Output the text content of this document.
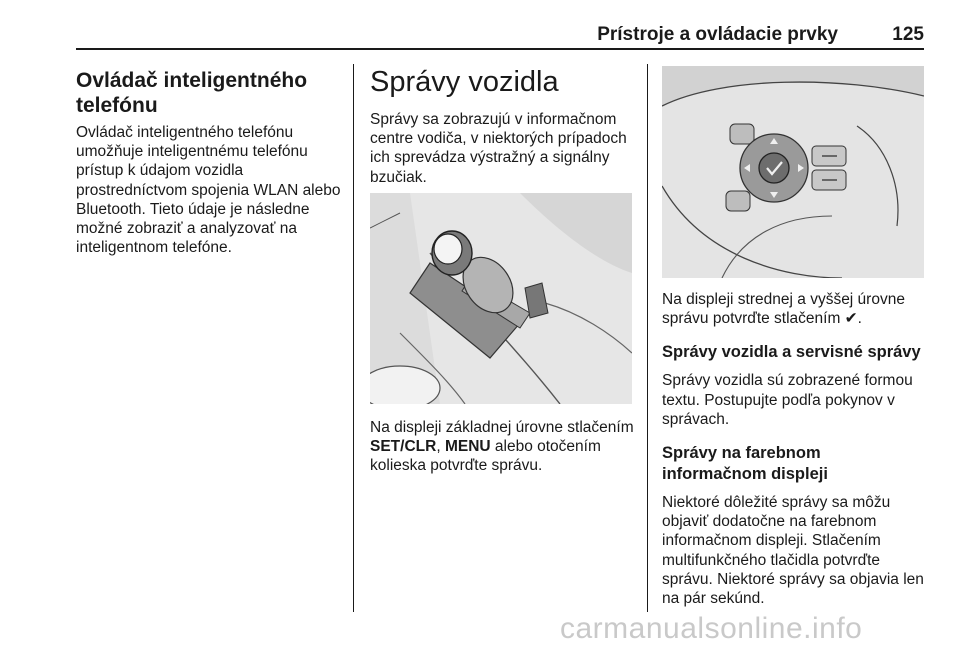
Prístroje a ovládacie prvky	125
Ovládač inteligentného telefónu

Ovládač inteligentného telefónu umožňuje inteligentnému telefónu prístup k údajom vozidla prostredníctvom spojenia WLAN alebo Bluetooth. Tieto údaje je následne možné zobraziť a analyzovať na inteligentnom telefóne.

Správy vozidla

Správy sa zobrazujú v informačnom centre vodiča, v niektorých prípadoch ich sprevádza výstražný a signálny bzučiak.

Na displeji základnej úrovne stlačením SET/CLR, MENU alebo otočením kolieska potvrďte správu.

Na displeji strednej a vyššej úrovne správu potvrďte stlačením ✔.

Správy vozidla a servisné správy

Správy vozidla sú zobrazené formou textu. Postupujte podľa pokynov v správach.

Správy na farebnom informačnom displeji

Niektoré dôležité správy sa môžu objaviť dodatočne na farebnom informačnom displeji. Stlačením multifunkčného tlačidla potvrďte správu. Niektoré správy sa objavia len na pár sekúnd.

carmanualsonline.info
